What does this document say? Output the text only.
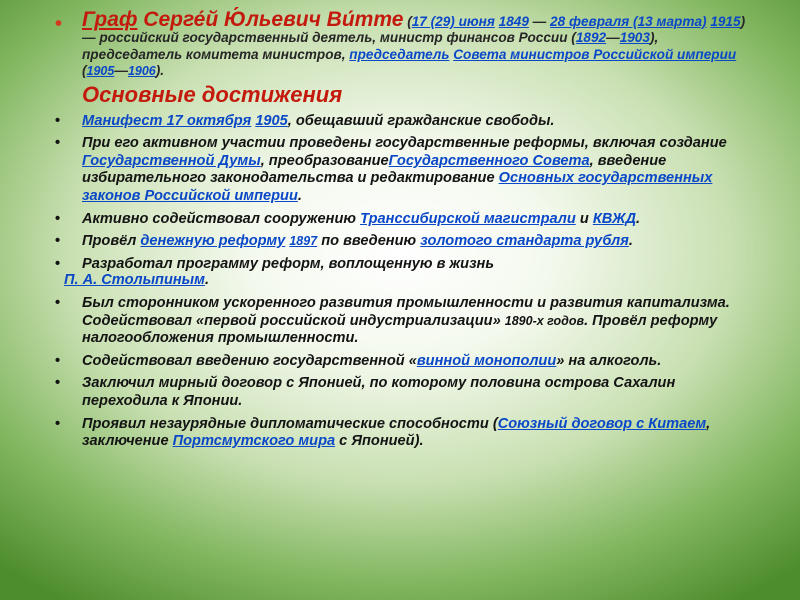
• Граф Серге́й Ю́льевич Ви́тте (17 (29) июня 1849 — 28 февраля (13 марта) 1915) — российский государственный деятель, министр финансов России (1892—1903), председатель комитета министров, председатель Совета министров Российской империи (1905—1906).
Основные достижения
• Манифест 17 октября 1905, обещавший гражданские свободы.
• При его активном участии проведены государственные реформы, включая создание Государственной Думы, преобразованиеГосударственного Совета, введение избирательного законодательства и редактирование Основных государственных законов Российской империи.
• Активно содействовал сооружению Транссибирской магистрали и КВЖД.
• Провёл денежную реформу 1897 по введению золотого стандарта рубля.
• Разработал программу реформ, воплощенную в жизнь
П. А. Столыпиным.
• Был сторонником ускоренного развития промышленности и развития капитализма. Содействовал «первой российской индустриализации» 1890-х годов. Провёл реформу налогообложения промышленности.
• Содействовал введению государственной «винной монополии» на алкоголь.
• Заключил мирный договор с Японией, по которому половина острова Сахалин переходила к Японии.
• Проявил незаурядные дипломатические способности (Союзный договор с Китаем, заключение Портсмутского мира с Японией).
